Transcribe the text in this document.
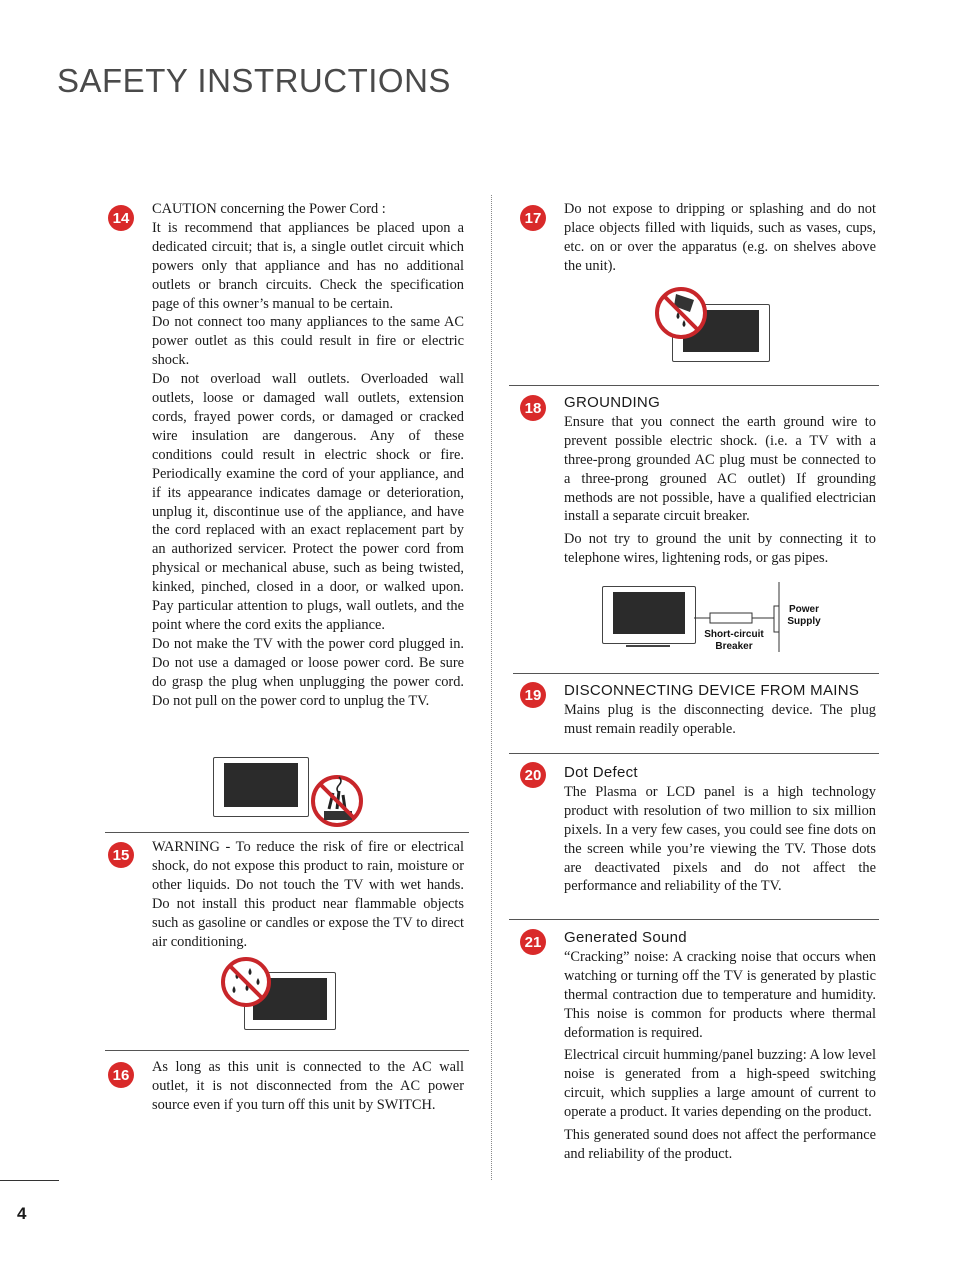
SAFETY INSTRUCTIONS
14

CAUTION concerning the Power Cord :

It is recommend that appliances be placed upon a dedicated circuit; that is, a single outlet circuit which powers only that appliance and has no additional outlets or branch circuits. Check the specification page of this owner’s manual to be certain.

Do not connect too many appliances to the same AC power outlet as this could result in fire or electric shock.

Do not overload wall outlets. Overloaded wall outlets, loose or damaged wall outlets, extension cords, frayed power cords, or damaged or cracked wire insulation are dangerous. Any of these conditions could result in electric shock or fire. Periodically examine the cord of your appliance, and if its appearance indicates damage or deterioration, unplug it, discontinue use of the appliance, and have the cord replaced with an exact replacement part by an authorized servicer. Protect the power cord from physical or mechanical abuse, such as being twisted, kinked, pinched, closed in a door, or walked upon. Pay particular attention to plugs, wall outlets, and the point where the cord exits the appliance.

Do not make the TV with the power cord plugged in. Do not use a damaged or loose power cord. Be sure do grasp the plug when unplugging the power cord. Do not pull on the power cord to unplug the TV.

15	WARNING - To reduce the risk of fire or electrical shock, do not expose this product to rain, moisture or other liquids. Do not touch the TV with wet hands. Do not install this product near flammable objects such as gasoline or candles or expose the TV to direct air conditioning.

16	As long as this unit is connected to the AC wall outlet, it is not disconnected from the AC power source even if you turn off this unit by SWITCH.

17

Do not expose to dripping or splashing and do not place objects filled with liquids, such as vases, cups, etc. on or over the apparatus (e.g. on shelves above the unit).

18	GROUNDING

Ensure that you connect the earth ground wire to prevent possible electric shock. (i.e. a TV with a three-prong grounded AC plug must be connected to a three-prong grouned AC outlet) If grounding methods are not possible, have a qualified electrician install a separate circuit breaker.

Do not try to ground the unit by connecting it to telephone wires, lightening rods, or gas pipes.

Short-circuit Breaker
Power Supply
19	DISCONNECTING DEVICE FROM MAINS

Mains plug is the disconnecting device. The plug must remain readily operable.

20	Dot Defect

The Plasma or LCD panel is a high technology product with resolution of two million to six million pixels. In a very few cases, you could see fine dots on the screen while you’re viewing the TV. Those dots are deactivated pixels and do not affect the performance and reliability of the TV.

21	Generated Sound

“Cracking” noise: A cracking noise that occurs when watching or turning off the TV is generated by plastic thermal contraction due to temperature and humidity. This noise is common for products where thermal deformation is required.

Electrical circuit humming/panel buzzing: A low level noise is generated from a high-speed switching circuit, which supplies a large amount of current to operate a product. It varies depending on the product.

This generated sound does not affect the performance and reliability of the product.

4
